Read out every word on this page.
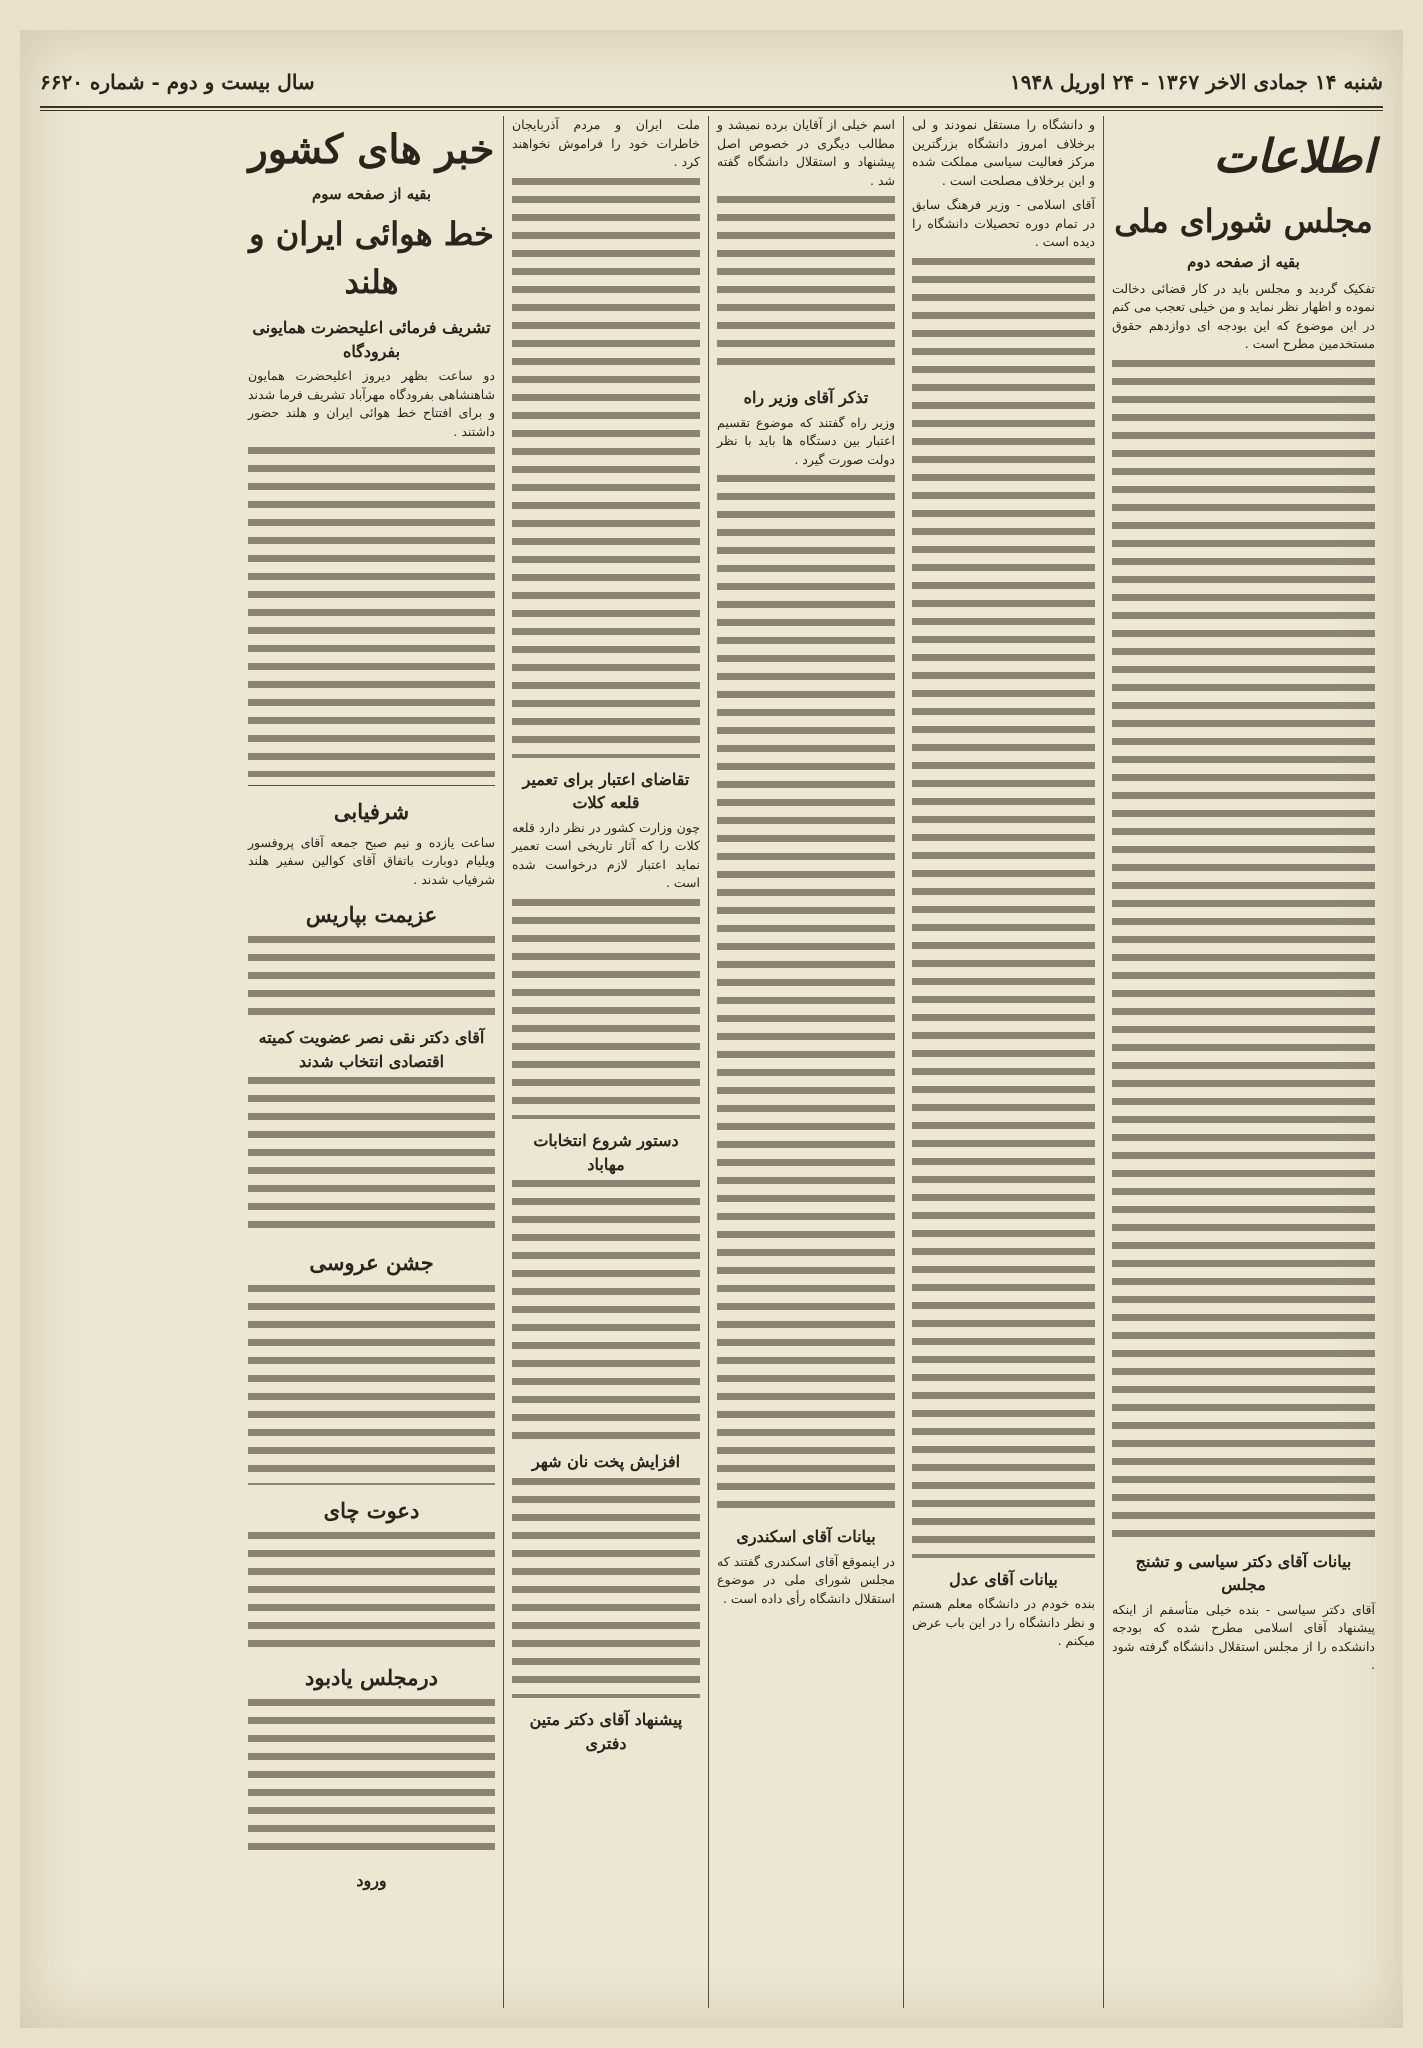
شنبه ۱۴ جمادی الاخر ۱۳۶۷ - ۲۴ اوریل ۱۹۴۸
سال بیست و دوم - شماره ۶۶۲۰
اطلاعات
مجلس شورای ملی
بقیه از صفحه دوم

تفکیک گردید و مجلس باید در کار قضائی دخالت نموده و اظهار نظر نماید و من خیلی تعجب می کنم در این موضوع که این بودجه ای دوازدهم حقوق مستخدمین مطرح است .

بیانات آقای دکتر سیاسی و تشنج مجلس

آقای دکتر سیاسی - بنده خیلی متأسفم از اینکه پیشنهاد آقای اسلامی مطرح شده که بودجه دانشکده را از مجلس استقلال دانشگاه گرفته شود .

و دانشگاه را مستقل نمودند و لی برخلاف امروز دانشگاه بزرگترین مرکز فعالیت سیاسی مملکت شده و این برخلاف مصلحت است .

آقای اسلامی - وزیر فرهنگ سابق در تمام دوره تحصیلات دانشگاه را دیده است .

بیانات آقای عدل

بنده خودم در دانشگاه معلم هستم و نظر دانشگاه را در این باب عرض میکنم .

اسم خیلی از آقایان برده نمیشد و مطالب دیگری در خصوص اصل پیشنهاد و استقلال دانشگاه گفته شد .

تذکر آقای وزیر راه

وزیر راه گفتند که موضوع تقسیم اعتبار بین دستگاه ها باید با نظر دولت صورت گیرد .

بیانات آقای اسکندری

در اینموقع آقای اسکندری گفتند که مجلس شورای ملی در موضوع استقلال دانشگاه رأی داده است .

ملت ایران و مردم آذربایجان خاطرات خود را فراموش نخواهند کرد .

تقاضای اعتبار برای تعمیر قلعه کلات

چون وزارت کشور در نظر دارد قلعه کلات را که آثار تاریخی است تعمیر نماید اعتبار لازم درخواست شده است .

دستور شروع انتخابات مهاباد
افزایش پخت نان شهر
پیشنهاد آقای دکتر متین دفتری
خبر های کشور
بقیه از صفحه سوم
خط هوائی ایران و هلند
تشریف فرمائی اعلیحضرت همایونی بفرودگاه

دو ساعت بظهر دیروز اعلیحضرت همایون شاهنشاهی بفرودگاه مهرآباد تشریف فرما شدند و برای افتتاح خط هوائی ایران و هلند حضور داشتند .

شرفیابی

ساعت یازده و نیم صبح جمعه آقای پروفسور ویلیام دوبارت باتفاق آقای کوالین سفیر هلند شرفیاب شدند .

عزیمت بپاریس
آقای دکتر نقی نصر عضویت کمیته اقتصادی انتخاب شدند
جشن عروسی
دعوت چای
درمجلس یادبود
ورود
